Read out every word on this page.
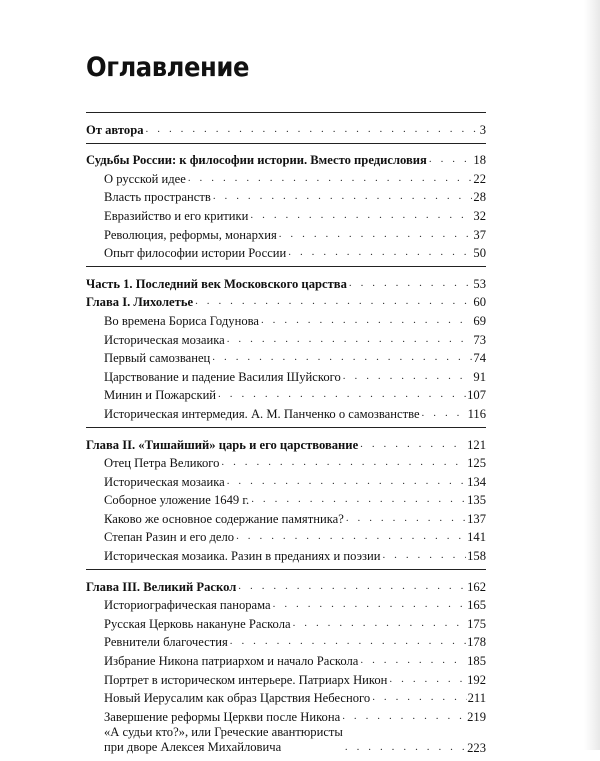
Оглавление
От автора . . .	3
Судьбы России: к философии истории. Вместо предисловия . . .	18
О русской идее . . .	22
Власть пространств . . .	28
Евразийство и его критики . . .	32
Революция, реформы, монархия . . .	37
Опыт философии истории России . . .	50
Часть 1. Последний век Московского царства . . .	53
Глава I. Лихолетье . . .	60
Во времена Бориса Годунова . . .	69
Историческая мозаика . . .	73
Первый самозванец . . .	74
Царствование и падение Василия Шуйского . . .	91
Минин и Пожарский . . .	107
Историческая интермедия. А. М. Панченко о самозванстве . . .	116
Глава II. «Тишайший» царь и его царствование . . .	121
Отец Петра Великого . . .	125
Историческая мозаика . . .	134
Соборное уложение 1649 г. . . .	135
Каково же основное содержание памятника? . . .	137
Степан Разин и его дело . . .	141
Историческая мозаика. Разин в преданиях и поэзии . . .	158
Глава III. Великий Раскол . . .	162
Историографическая панорама . . .	165
Русская Церковь накануне Раскола . . .	175
Ревнители благочестия . . .	178
Избрание Никона патриархом и начало Раскола . . .	185
Портрет в историческом интерьере. Патриарх Никон . . .	192
Новый Иерусалим как образ Царствия Небесного . . .	211
Завершение реформы Церкви после Никона . . .	219
«А судьи кто?», или Греческие авантюристы
при дворе Алексея Михайловича . . .	223
